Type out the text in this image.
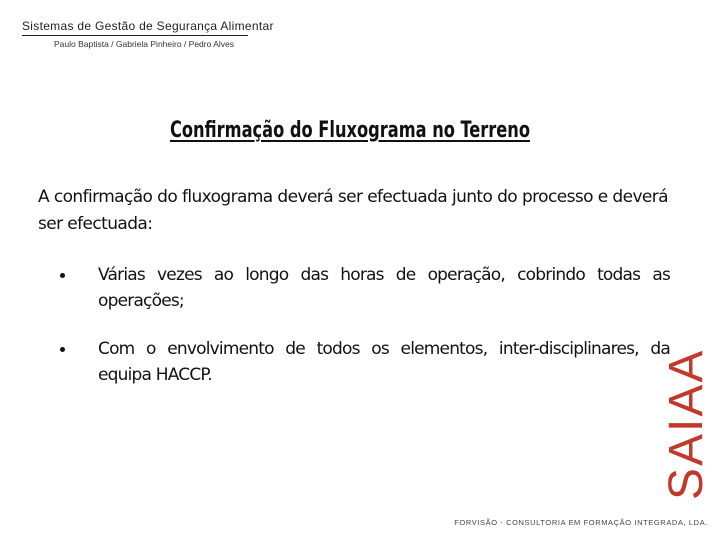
Sistemas de Gestão de Segurança Alimentar
Paulo Baptista / Gabriela Pinheiro / Pedro Alves
Confirmação do Fluxograma no Terreno
A confirmação do fluxograma deverá ser efectuada junto do processo e deverá ser efectuada:
Várias vezes ao longo das horas de operação, cobrindo todas as operações;
Com o envolvimento de todos os elementos, inter-disciplinares, da equipa HACCP.	SAIAA
FORVISÃO - CONSULTORIA EM FORMAÇÃO INTEGRADA, LDA.
